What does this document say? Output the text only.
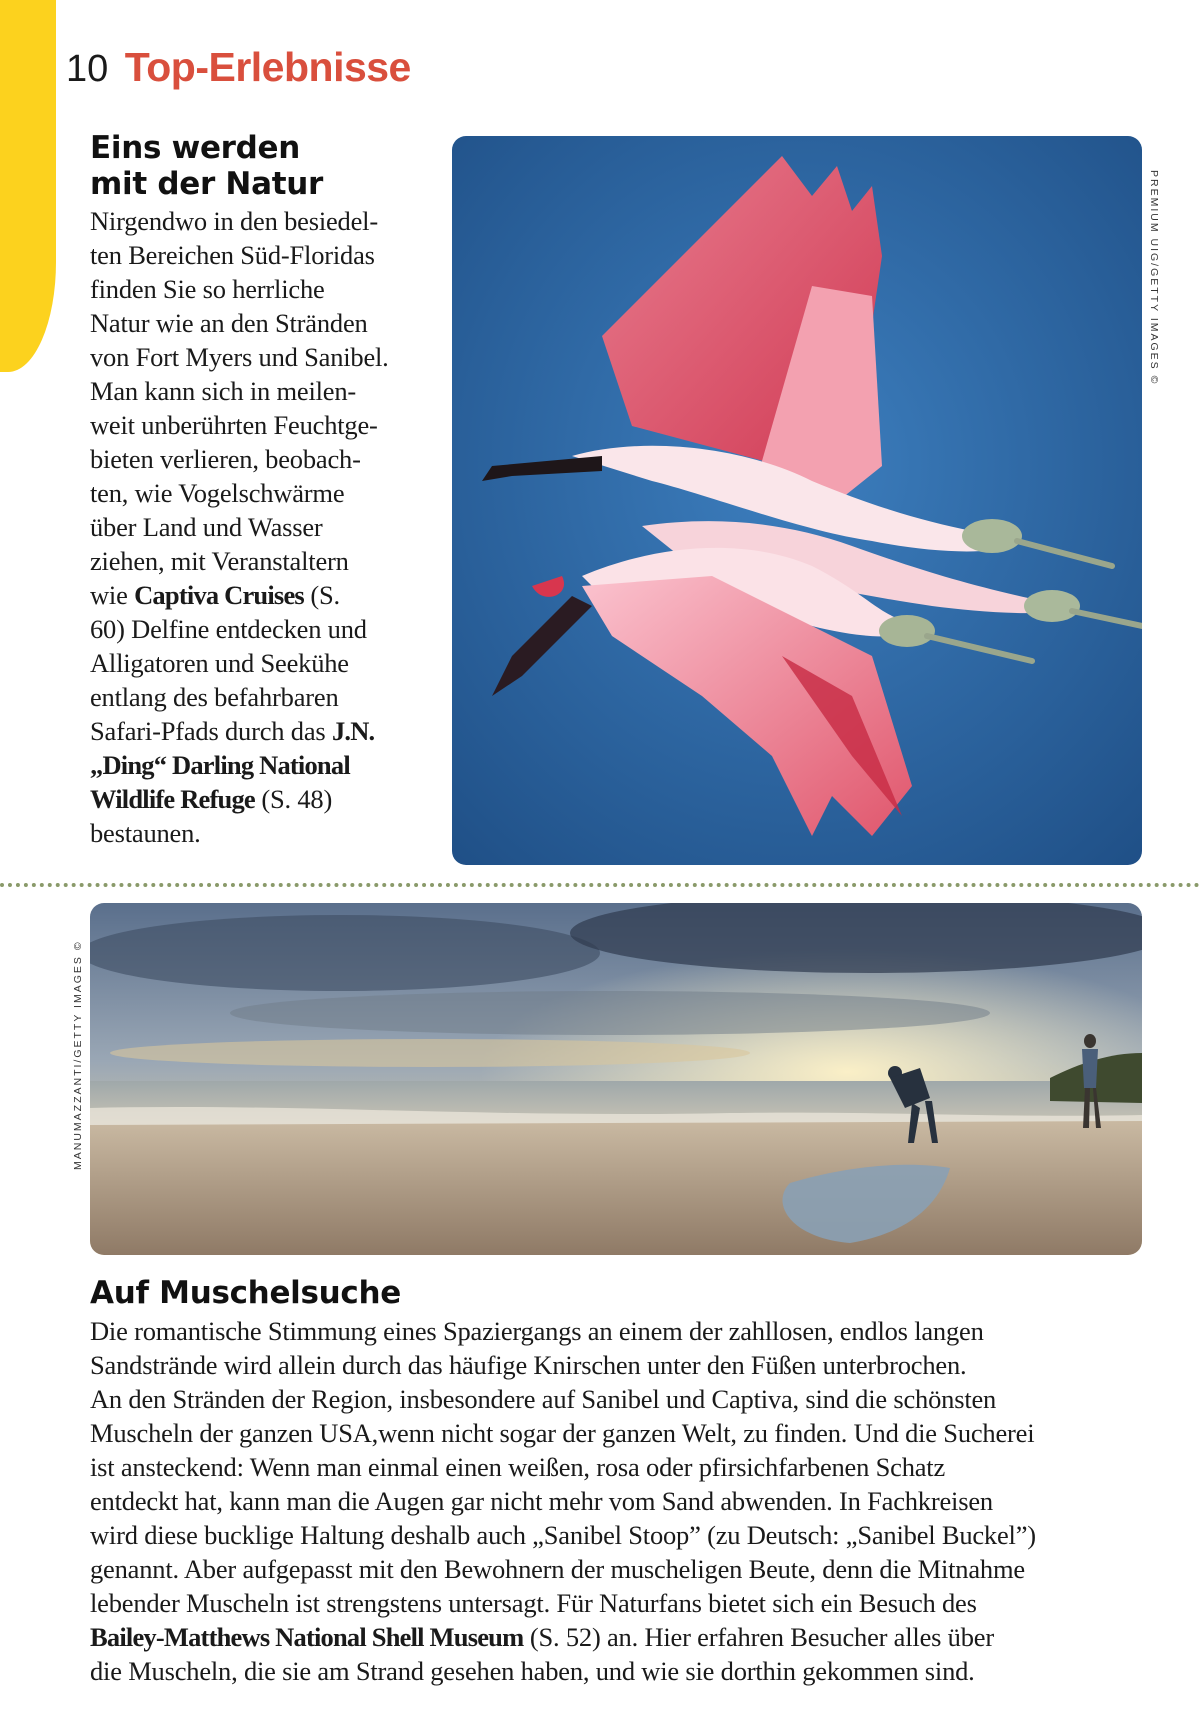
10 Top-Erlebnisse
Eins werden
mit der Natur
Nirgendwo in den besiedel-
ten Bereichen Süd-Floridas
finden Sie so herrliche
Natur wie an den Stränden
von Fort Myers und Sanibel.
Man kann sich in meilen-
weit unberührten Feuchtge-
bieten verlieren, beobach-
ten, wie Vogelschwärme
über Land und Wasser
ziehen, mit Veranstaltern
wie Captiva Cruises (S.
60) Delfine entdecken und
Alligatoren und Seekühe
entlang des befahrbaren
Safari-Pfads durch das J.N.
„Ding“ Darling National
Wildlife Refuge (S. 48)
bestaunen.
PREMIUM UIG/GETTY IMAGES ©
MANUMAZZANTI/GETTY IMAGES ©
Auf Muschelsuche
Die romantische Stimmung eines Spaziergangs an einem der zahllosen, endlos langen
Sandstrände wird allein durch das häufige Knirschen unter den Füßen unterbrochen.
An den Stränden der Region, insbesondere auf Sanibel und Captiva, sind die schönsten
Muscheln der ganzen USA,wenn nicht sogar der ganzen Welt, zu finden. Und die Sucherei
ist ansteckend: Wenn man einmal einen weißen, rosa oder pfirsichfarbenen Schatz
entdeckt hat, kann man die Augen gar nicht mehr vom Sand abwenden. In Fachkreisen
wird diese bucklige Haltung deshalb auch „Sanibel Stoop” (zu Deutsch: „Sanibel Buckel”)
genannt. Aber aufgepasst mit den Bewohnern der muscheligen Beute, denn die Mitnahme
lebender Muscheln ist strengstens untersagt. Für Naturfans bietet sich ein Besuch des
Bailey-Matthews National Shell Museum (S. 52) an. Hier erfahren Besucher alles über
die Muscheln, die sie am Strand gesehen haben, und wie sie dorthin gekommen sind.
